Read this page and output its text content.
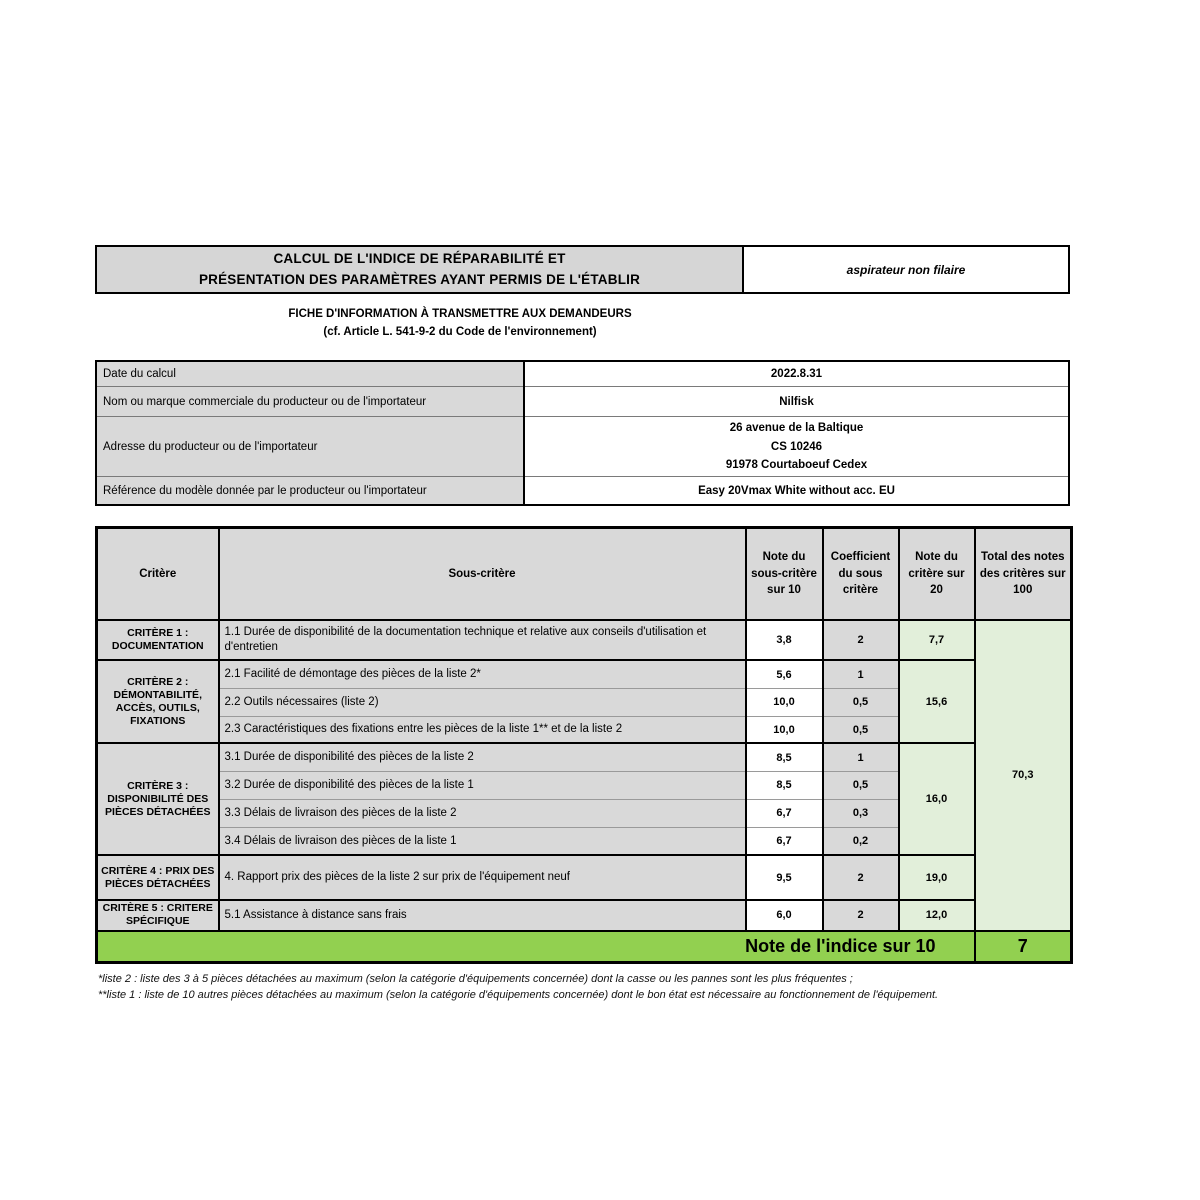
CALCUL DE L'INDICE DE RÉPARABILITÉ ET
PRÉSENTATION DES PARAMÈTRES AYANT PERMIS DE L'ÉTABLIR
aspirateur non filaire
FICHE D'INFORMATION À TRANSMETTRE AUX DEMANDEURS
(cf. Article L. 541-9-2 du Code de l'environnement)
Date du calcul	2022.8.31
Nom ou marque commerciale du producteur ou de l'importateur	Nilfisk
Adresse du producteur ou de l'importateur	26 avenue de la Baltique
CS 10246
91978 Courtaboeuf Cedex

Référence du modèle donnée par le producteur ou l'importateur	Easy 20Vmax White without acc. EU
Critère	Sous-critère	Note du sous-critère sur 10	Coefficient du sous critère	Note du critère sur 20	Total des notes des critères sur 100
CRITÈRE 1 : DOCUMENTATION	1.1 Durée de disponibilité de la documentation technique et relative aux conseils d'utilisation et d'entretien	3,8	2	7,7	70,3
CRITÈRE 2 : DÉMONTABILITÉ, ACCÈS, OUTILS, FIXATIONS	2.1 Facilité de démontage des pièces de la liste 2*	5,6	1	15,6	
	2.2 Outils nécessaires (liste 2)	10,0	0,5		
	2.3 Caractéristiques des fixations entre les pièces de la liste 1** et de la liste 2	10,0	0,5		
CRITÈRE 3 : DISPONIBILITÉ DES PIÈCES DÉTACHÉES	3.1 Durée de disponibilité des pièces de la liste 2	8,5	1	16,0	
	3.2 Durée de disponibilité des pièces de la liste 1	8,5	0,5		
	3.3 Délais de livraison des pièces de la liste 2	6,7	0,3		
	3.4 Délais de livraison des pièces de la liste 1	6,7	0,2		
CRITÈRE 4 : PRIX DES PIÈCES DÉTACHÉES	4. Rapport prix des pièces de la liste 2 sur prix de l'équipement neuf	9,5	2	19,0	
CRITÈRE 5 : CRITERE SPÉCIFIQUE	5.1 Assistance à distance sans frais	6,0	2	12,0	
Note de l'indice sur 10					7
*liste 2 : liste des 3 à 5 pièces détachées au maximum (selon la catégorie d'équipements concernée) dont la casse ou les pannes sont les plus fréquentes ;
**liste 1 : liste de 10 autres pièces détachées au maximum (selon la catégorie d'équipements concernée) dont le bon état est nécessaire au fonctionnement de l'équipement.
